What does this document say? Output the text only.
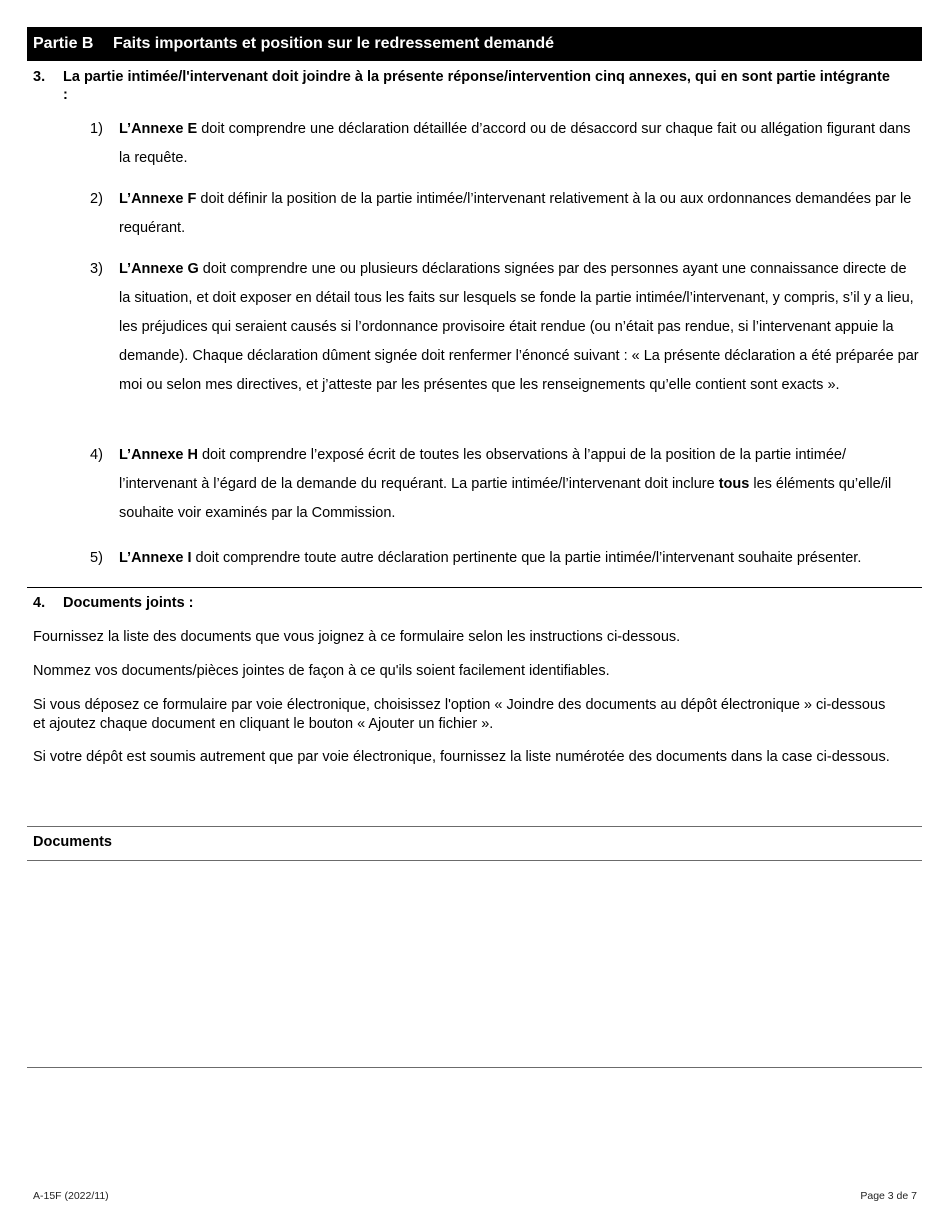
Partie B	Faits importants et position sur le redressement demandé
3.	La partie intimée/l'intervenant doit joindre à la présente réponse/intervention cinq annexes, qui en sont partie intégrante :
1)	L’Annexe E doit comprendre une déclaration détaillée d’accord ou de désaccord sur chaque fait ou allégation figurant dans la requête.
2)	L’Annexe F doit définir la position de la partie intimée/l’intervenant relativement à la ou aux ordonnances demandées par le requérant.
3)	L’Annexe G doit comprendre une ou plusieurs déclarations signées par des personnes ayant une connaissance directe de la situation, et doit exposer en détail tous les faits sur lesquels se fonde la partie intimée/l’intervenant, y compris, s’il y a lieu, les préjudices qui seraient causés si l’ordonnance provisoire était rendue (ou n’était pas rendue, si l’intervenant appuie la demande). Chaque déclaration dûment signée doit renfermer l’énoncé suivant : « La présente déclaration a été préparée par moi ou selon mes directives, et j’atteste par les présentes que les renseignements qu’elle contient sont exacts ».
4)	L’Annexe H doit comprendre l’exposé écrit de toutes les observations à l’appui de la position de la partie intimée/ l’intervenant à l’égard de la demande du requérant. La partie intimée/l’intervenant doit inclure tous les éléments qu’elle/il souhaite voir examinés par la Commission.
5)	L’Annexe I doit comprendre toute autre déclaration pertinente que la partie intimée/l’intervenant souhaite présenter.
4. Documents joints :
Fournissez la liste des documents que vous joignez à ce formulaire selon les instructions ci-dessous.
Nommez vos documents/pièces jointes de façon à ce qu'ils soient facilement identifiables.
Si vous déposez ce formulaire par voie électronique, choisissez l'option « Joindre des documents au dépôt électronique » ci-dessous et ajoutez chaque document en cliquant le bouton « Ajouter un fichier ».
Si votre dépôt est soumis autrement que par voie électronique, fournissez la liste numérotée des documents dans la case ci-dessous.
Documents
A-15F (2022/11)	Page 3 de 7
